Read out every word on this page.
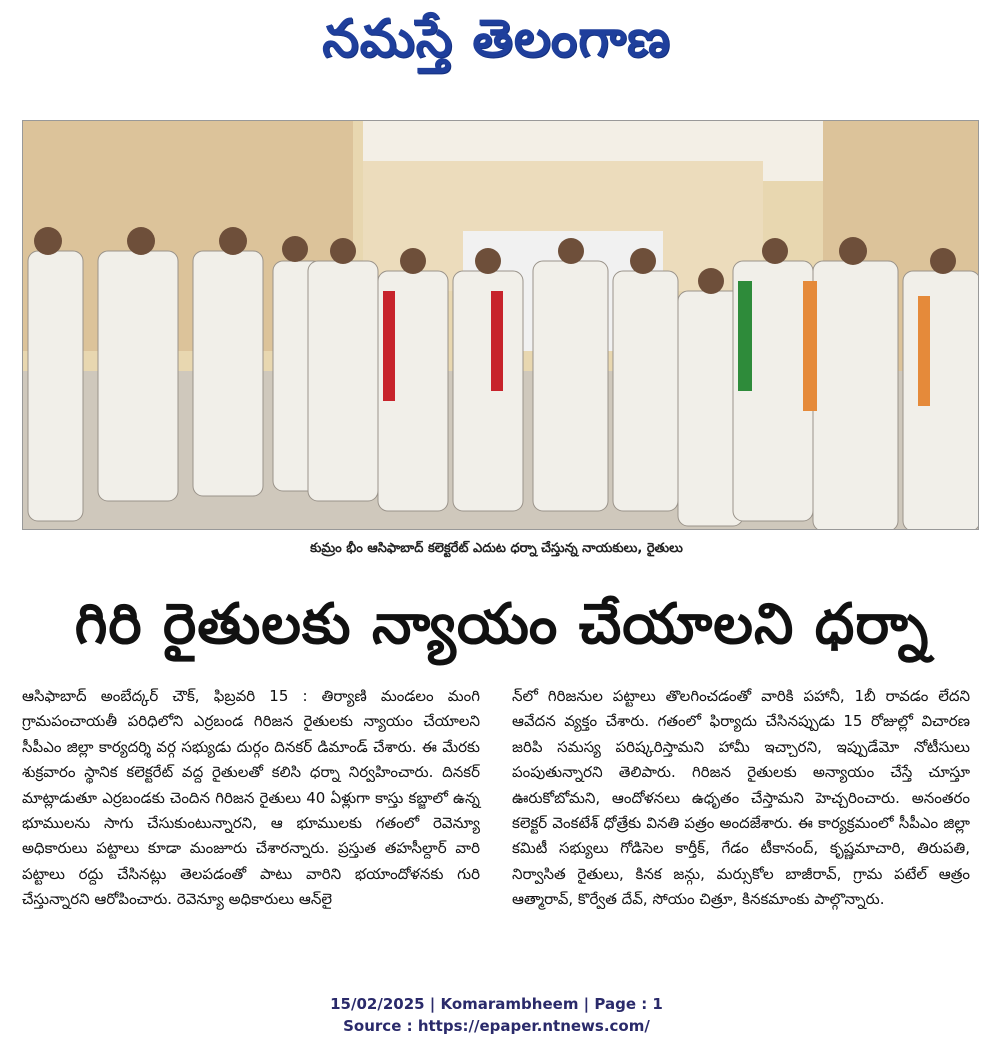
నమస్తే తెలంగాణ
కుమ్రం భీం ఆసిఫాబాద్ కలెక్టరేట్ ఎదుట ధర్నా చేస్తున్న నాయకులు, రైతులు
గిరి రైతులకు న్యాయం చేయాలని ధర్నా
ఆసిఫాబాద్ అంబేద్కర్ చౌక్, ఫిబ్రవరి 15 : తిర్యాణి మండలం మంగి గ్రామపంచాయతీ పరిధిలోని ఎర్రబండ గిరిజన రైతులకు న్యాయం చేయాలని సీపీఎం జిల్లా కార్యదర్శి వర్గ సభ్యుడు దుర్గం దినకర్ డిమాండ్ చేశారు. ఈ మేరకు శుక్రవారం స్థానిక కలెక్టరేట్ వద్ద రైతులతో కలిసి ధర్నా నిర్వహించారు. దినకర్ మాట్లాడుతూ ఎర్రబండకు చెందిన గిరిజన రైతులు 40 ఏళ్లుగా కాస్తు కబ్జాలో ఉన్న భూములను సాగు చేసుకుంటున్నారని, ఆ భూములకు గతంలో రెవెన్యూ అధికారులు పట్టాలు కూడా మంజూరు చేశారన్నారు. ప్రస్తుత తహసీల్దార్ వారి పట్టాలు రద్దు చేసినట్లు తెలపడంతో పాటు వారిని భయాందోళనకు గురి చేస్తున్నారని ఆరోపించారు. రెవెన్యూ అధికారులు ఆన్‌లై
న్‌లో గిరిజనుల పట్టాలు తొలగించడంతో వారికి పహానీ, 1బీ రావడం లేదని ఆవేదన వ్యక్తం చేశారు. గతంలో ఫిర్యాదు చేసినప్పుడు 15 రోజుల్లో విచారణ జరిపి సమస్య పరిష్కరిస్తామని హామీ ఇచ్చారని, ఇప్పుడేమో నోటీసులు పంపుతున్నారని తెలిపారు. గిరిజన రైతులకు అన్యాయం చేస్తే చూస్తూ ఊరుకోబోమని, ఆందోళనలు ఉధృతం చేస్తామని హెచ్చరించారు. అనంతరం కలెక్టర్ వెంకటేశ్ ధోత్రేకు వినతి పత్రం అందజేశారు. ఈ కార్యక్రమంలో సీపీఎం జిల్లా కమిటీ సభ్యులు గోడిసెల కార్తీక్, గేడం టీకానంద్, కృష్ణమాచారి, తిరుపతి, నిర్వాసిత రైతులు, కినక జన్గు, మర్సుకోల బాజీరావ్, గ్రామ పటేల్ ఆత్రం ఆత్మారావ్, కొర్వేత దేవ్, సోయం చిత్రూ, కినకమాంకు పాల్గొన్నారు.
15/02/2025 | Komarambheem | Page : 1
Source : https://epaper.ntnews.com/
